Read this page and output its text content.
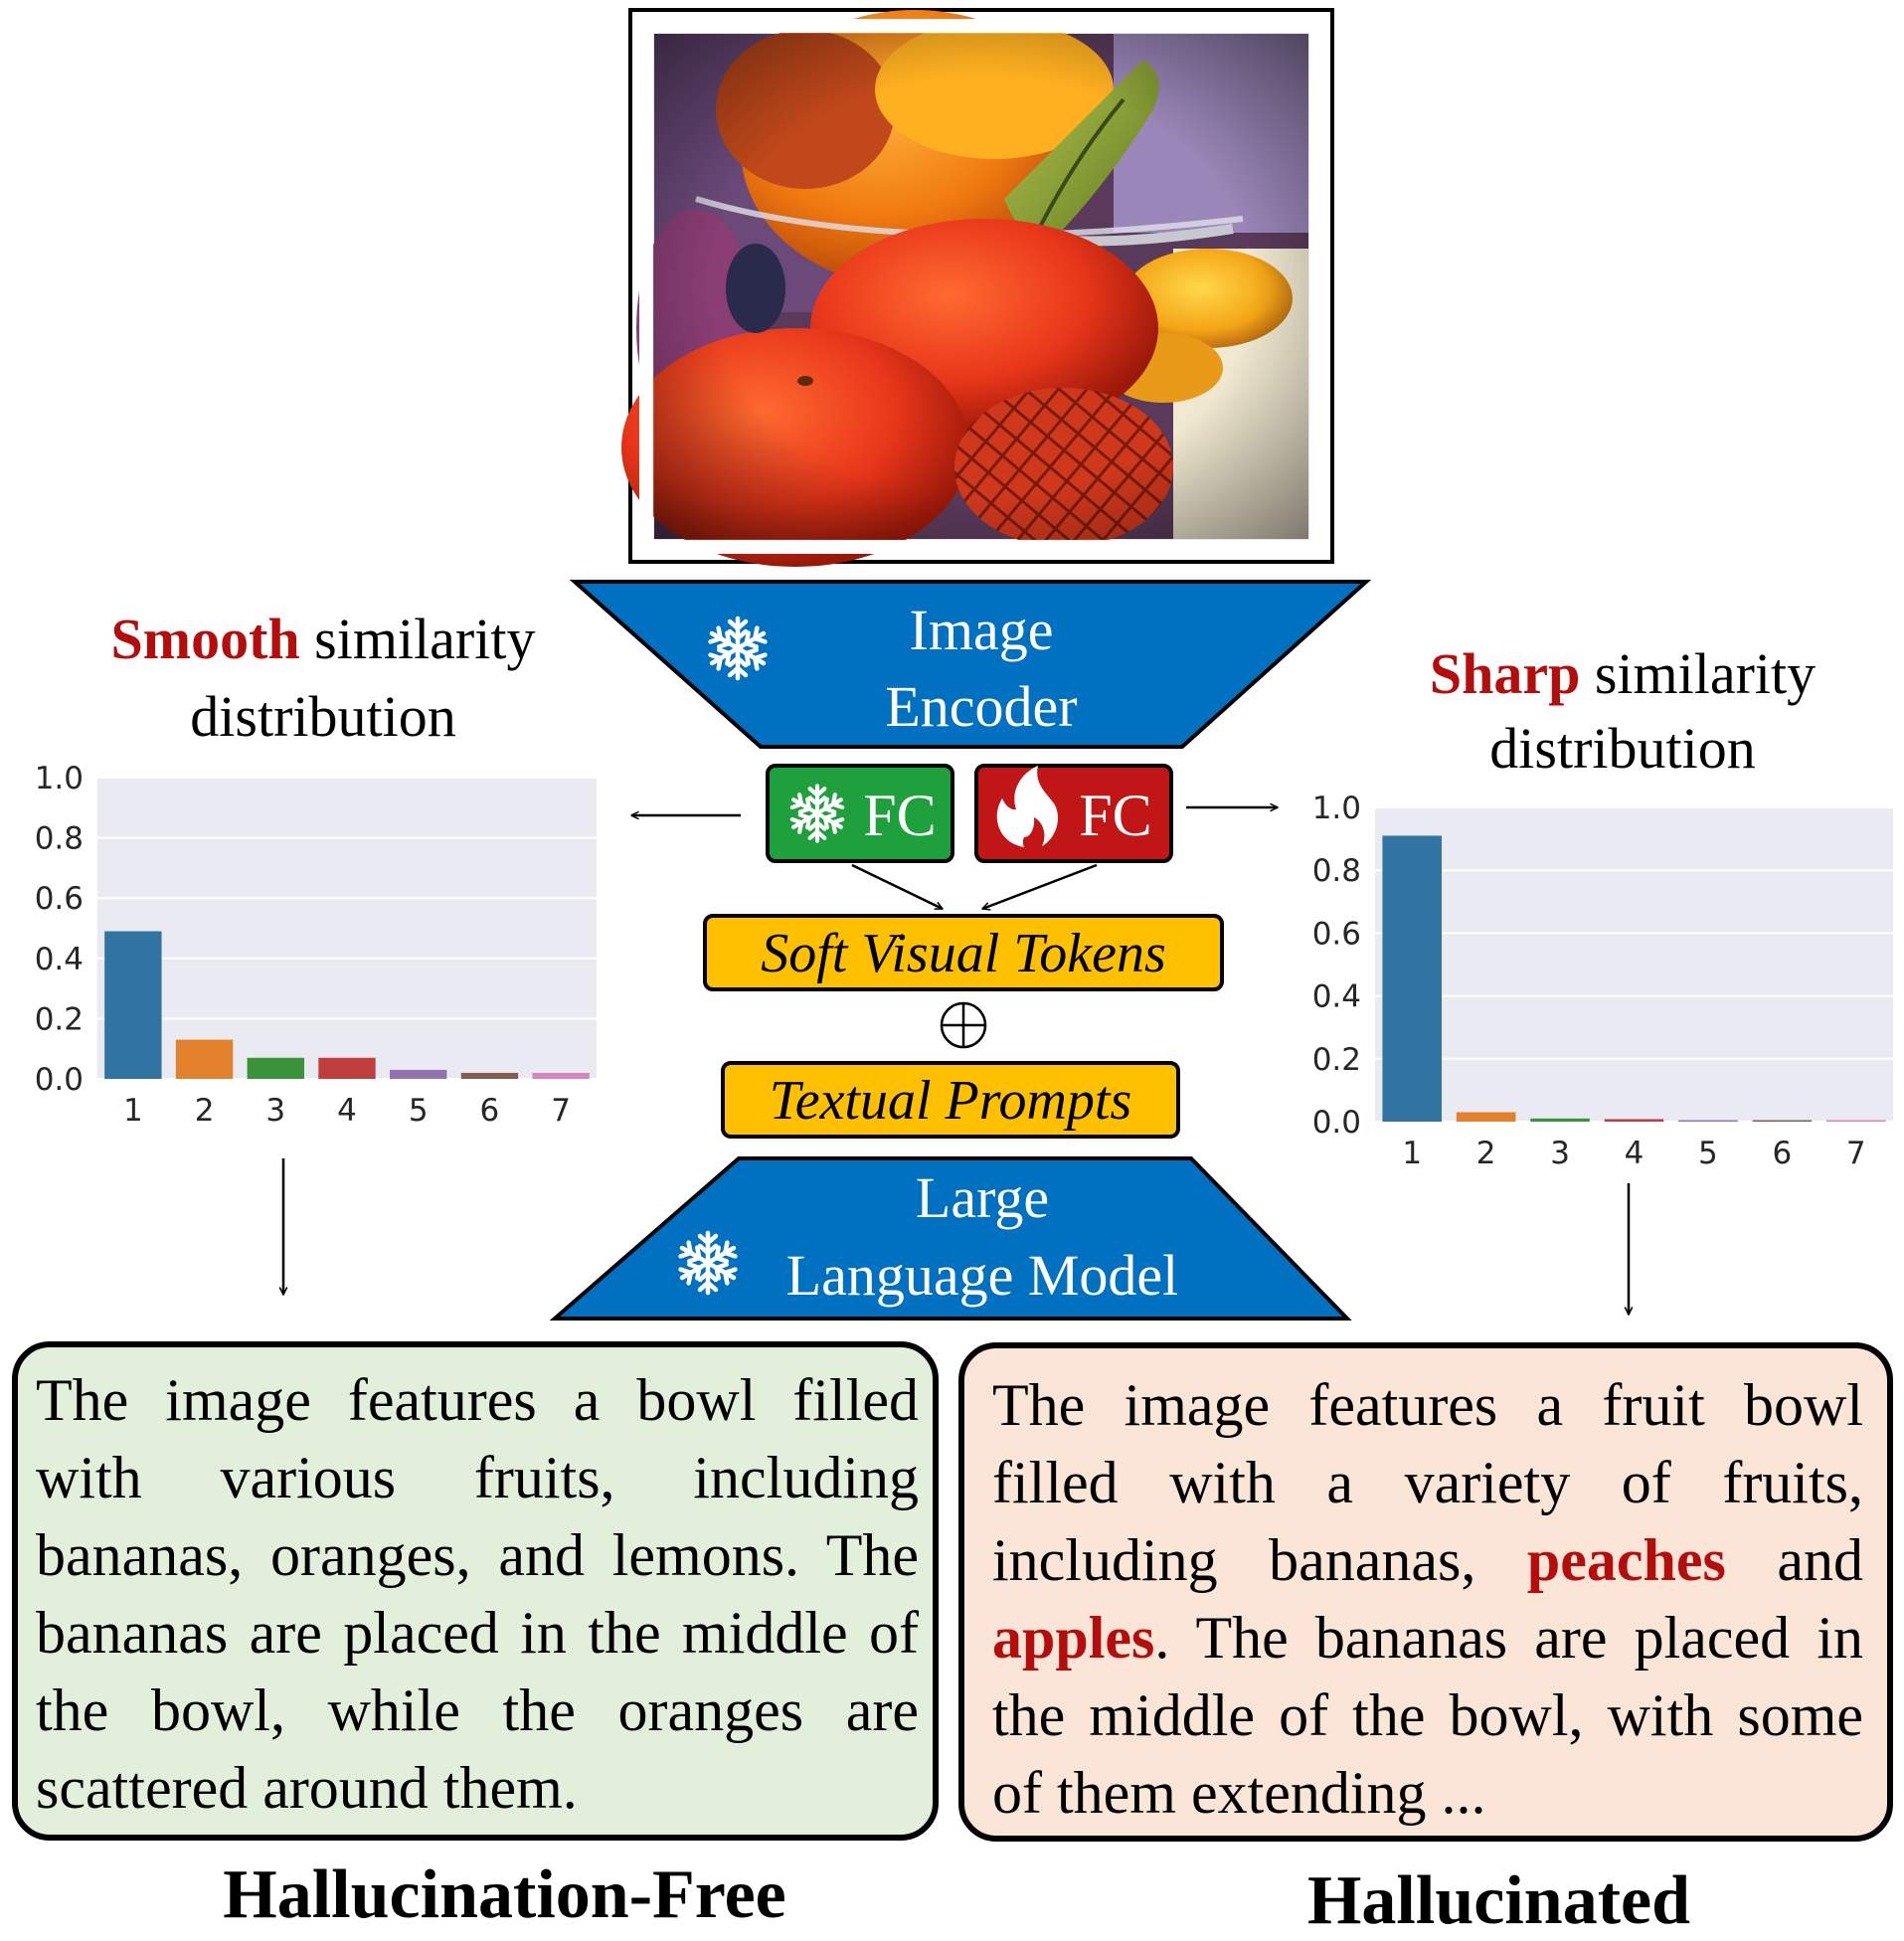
Image
Encoder
FC FC
Soft Visual Tokens
Textual Prompts
Large
Language Model
Smooth similarity
distribution
Sharp similarity
distribution
0.0
0.2
0.4
0.6
0.8
1.0
1 2 3 4 5 6 7	0.0
0.2
0.4
0.6
0.8
1.0
1 2 3 4 5 6 7
The image features a bowl filled with various fruits, including bananas, oranges, and lemons. The bananas are placed in the middle of the bowl, while the oranges are scattered around them.
The image features a fruit bowl filled with a variety of fruits, including bananas, peaches and apples. The bananas are placed in the middle of the bowl, with some of them extending ...
Hallucination-Free	Hallucinated
